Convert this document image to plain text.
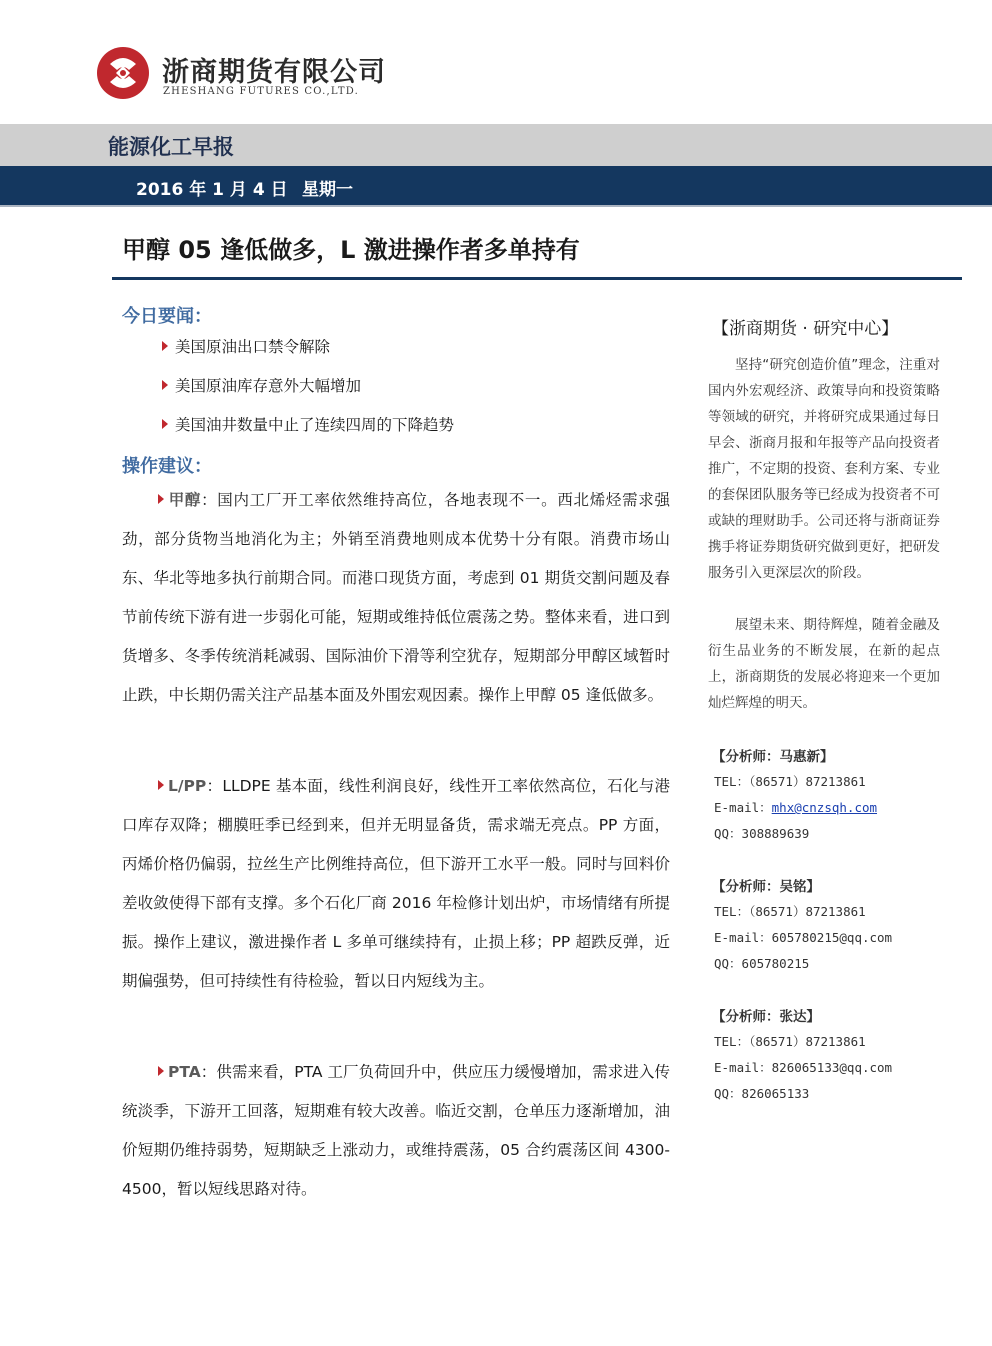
浙商期货有限公司
ZHESHANG FUTURES CO.,LTD.
能源化工早报
2016 年 1 月 4 日 星期一
甲醇 05 逢低做多，L 激进操作者多单持有
今日要闻：
美国原油出口禁令解除
美国原油库存意外大幅增加
美国油井数量中止了连续四周的下降趋势
操作建议：
甲醇：国内工厂开工率依然维持高位，各地表现不一。西北烯烃需求强劲，部分货物当地消化为主；外销至消费地则成本优势十分有限。消费市场山东、华北等地多执行前期合同。而港口现货方面，考虑到 01 期货交割问题及春节前传统下游有进一步弱化可能，短期或维持低位震荡之势。整体来看，进口到货增多、冬季传统消耗减弱、国际油价下滑等利空犹存，短期部分甲醇区域暂时止跌，中长期仍需关注产品基本面及外围宏观因素。操作上甲醇 05 逢低做多。
L/PP：LLDPE 基本面，线性利润良好，线性开工率依然高位，石化与港口库存双降；棚膜旺季已经到来，但并无明显备货，需求端无亮点。PP 方面，丙烯价格仍偏弱，拉丝生产比例维持高位，但下游开工水平一般。同时与回料价差收敛使得下部有支撑。多个石化厂商 2016 年检修计划出炉，市场情绪有所提振。操作上建议，激进操作者 L 多单可继续持有，止损上移；PP 超跌反弹，近期偏强势，但可持续性有待检验，暂以日内短线为主。
PTA：供需来看，PTA 工厂负荷回升中，供应压力缓慢增加，需求进入传统淡季，下游开工回落，短期难有较大改善。临近交割，仓单压力逐渐增加，油价短期仍维持弱势，短期缺乏上涨动力，或维持震荡，05 合约震荡区间 4300-4500，暂以短线思路对待。
【浙商期货 · 研究中心】
坚持“研究创造价值”理念，注重对国内外宏观经济、政策导向和投资策略等领域的研究，并将研究成果通过每日早会、浙商月报和年报等产品向投资者推广，不定期的投资、套利方案、专业的套保团队服务等已经成为投资者不可或缺的理财助手。公司还将与浙商证券携手将证券期货研究做到更好，把研发服务引入更深层次的阶段。
展望未来、期待辉煌，随着金融及衍生品业务的不断发展，在新的起点上，浙商期货的发展必将迎来一个更加灿烂辉煌的明天。
【分析师：马惠新】
TEL：（86571）87213861
E-mail：mhx@cnzsqh.com
QQ：308889639
【分析师：吴铭】
TEL：（86571）87213861
E-mail：605780215@qq.com
QQ：605780215
【分析师：张达】
TEL：（86571）87213861
E-mail：826065133@qq.com
QQ：826065133
